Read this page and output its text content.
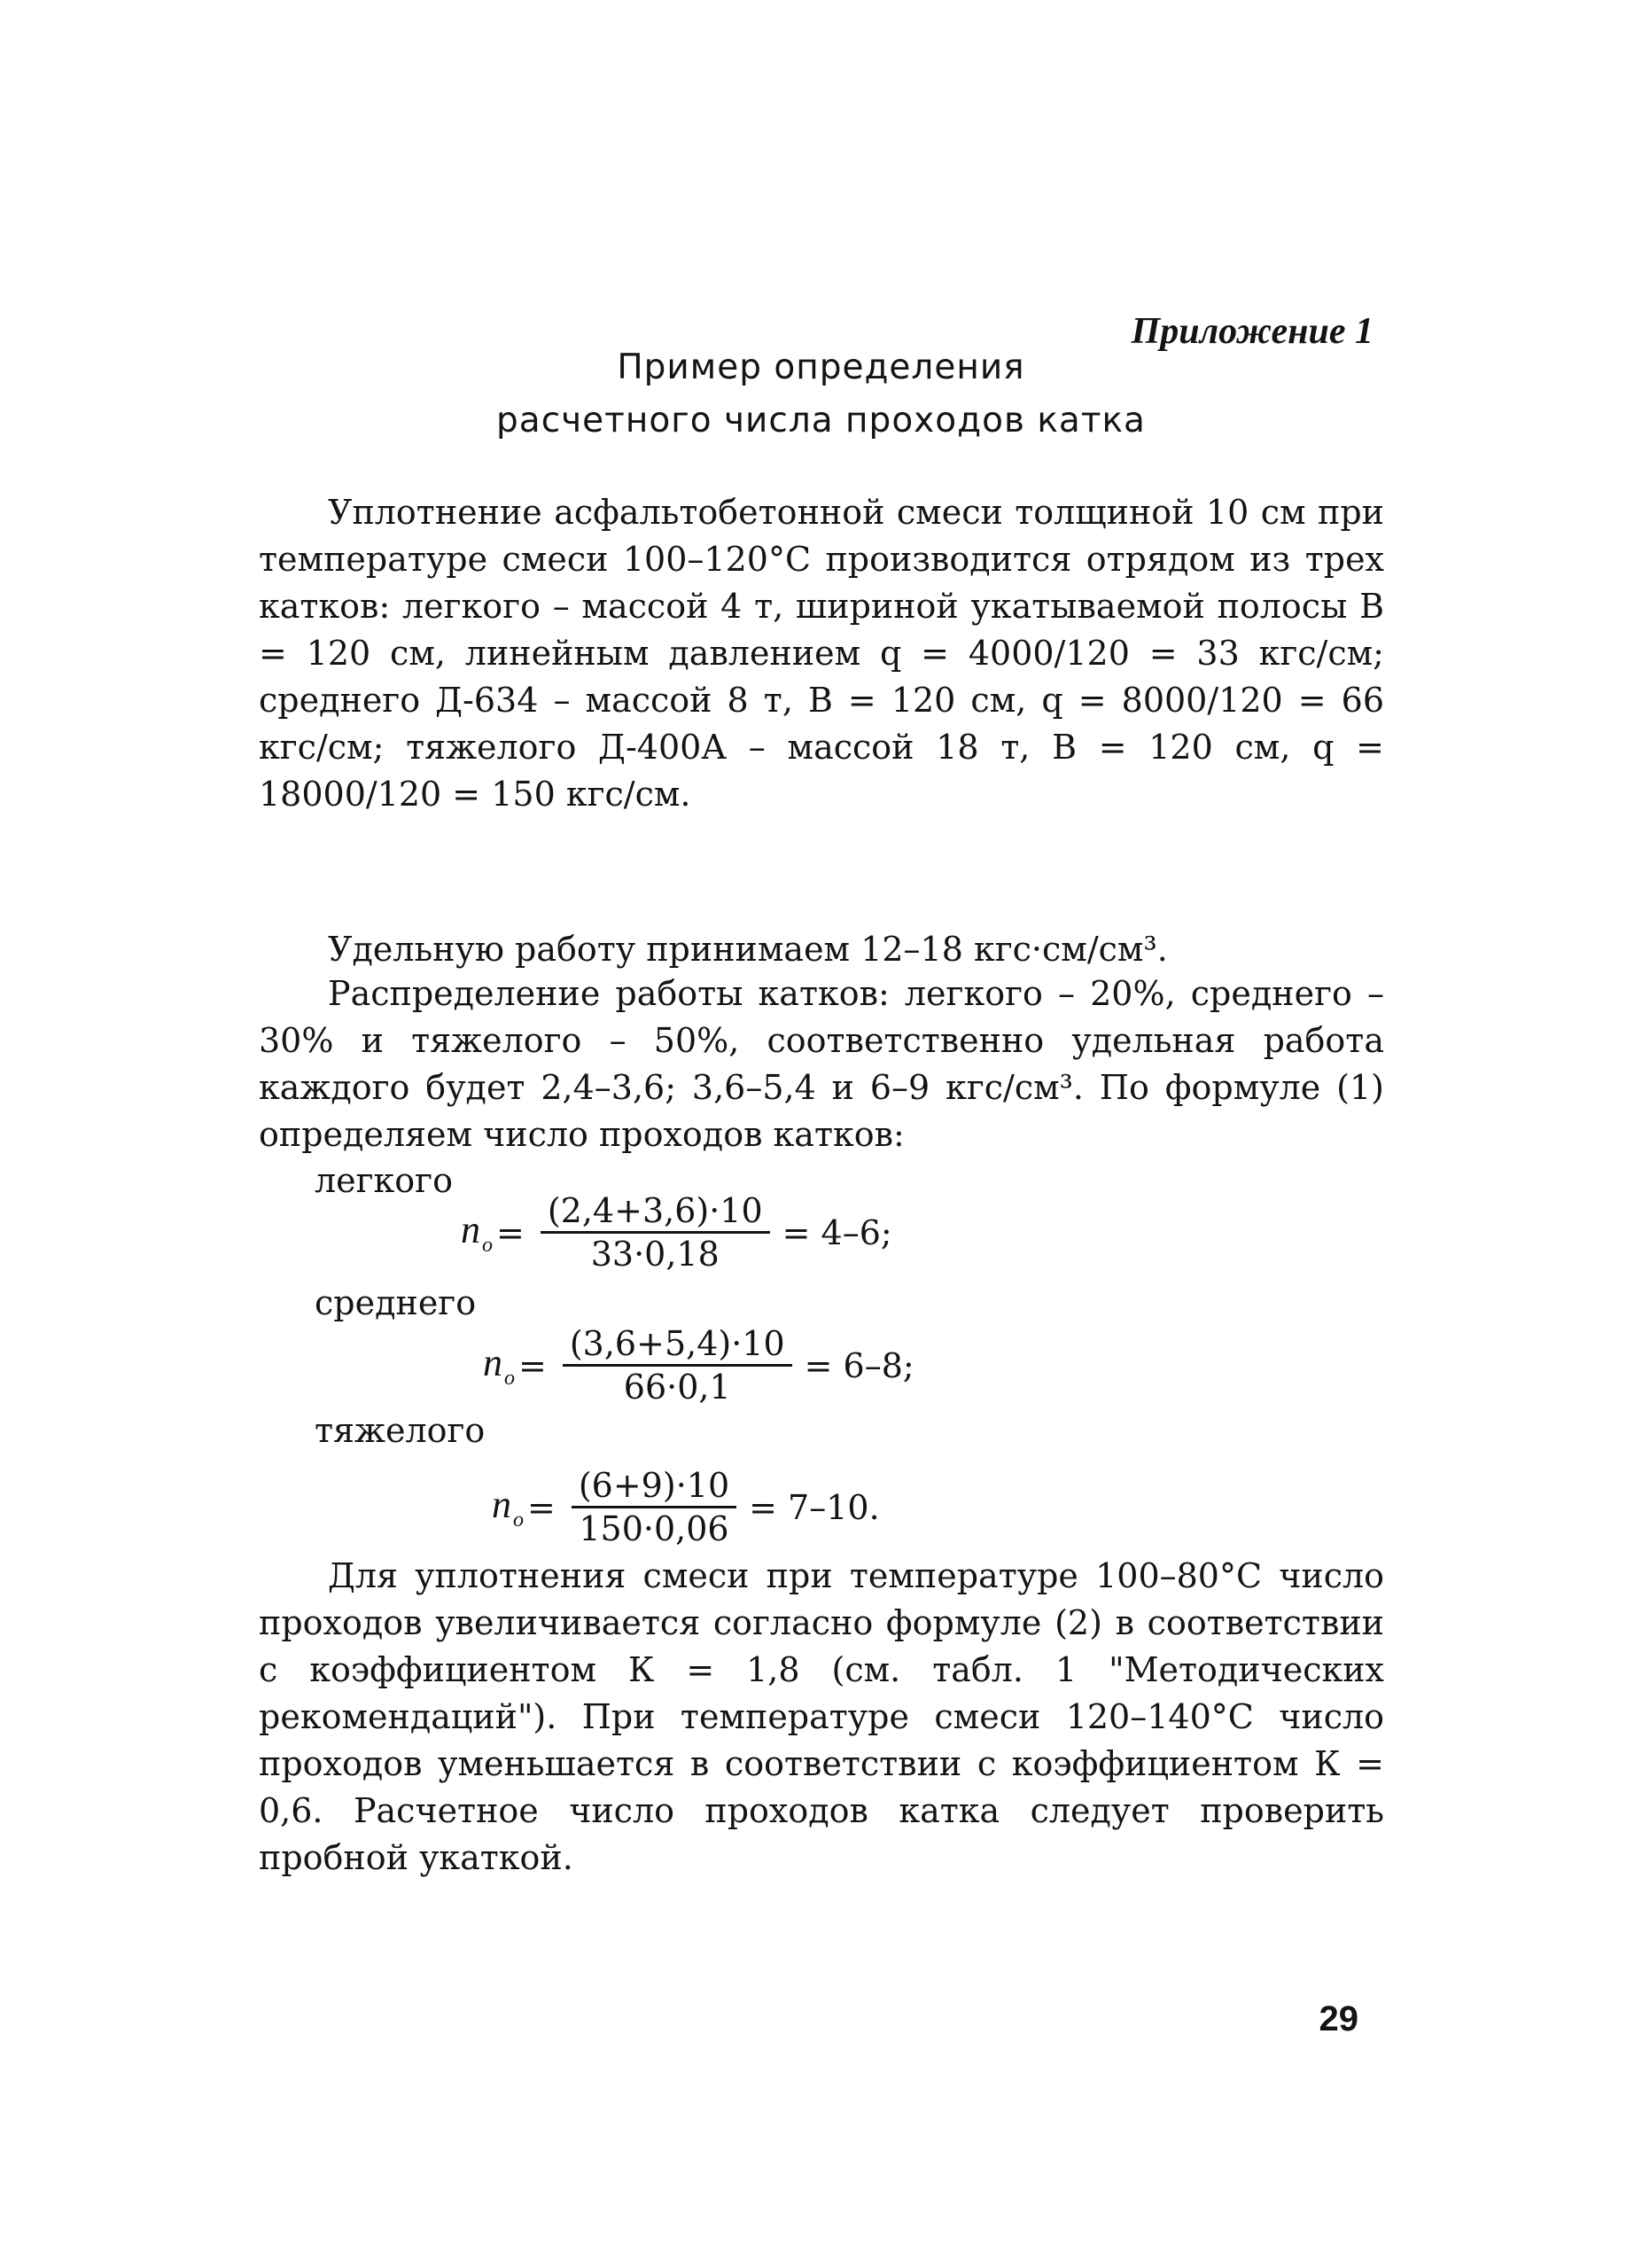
Приложение 1
Пример определения
расчетного числа проходов катка
Уплотнение асфальтобетонной смеси толщиной 10 см при температуре смеси 100–120°С производится отрядом из трех катков: легкого – массой 4 т, шириной укатываемой полосы В = 120 см, линейным давлением q = 4000/120 = 33 кгс/см; среднего Д-634 – массой 8 т, В = 120 см, q = 8000/120 = 66 кгс/см; тяжелого Д-400А – массой 18 т, В = 120 см, q = 18000/120 = 150 кгс/см.
Удельную работу принимаем 12–18 кгс·см/см³.
Распределение работы катков: легкого – 20%, среднего – 30% и тяжелого – 50%, соответственно удельная работа каждого будет 2,4–3,6; 3,6–5,4 и 6–9 кгс/см³. По формуле (1) определяем число проходов катков:
легкого
$n_о = \frac{(2,4+3,6)\cdot 10}{33\cdot 0,18} = 4-6$;
среднего
$n_о = \frac{(3,6+5,4)\cdot 10}{66\cdot 0,1} = 6-8$;
тяжелого
$n_о = \frac{(6+9)\cdot 10}{150\cdot 0,06} = 7-10$.
Для уплотнения смеси при температуре 100–80°С число проходов увеличивается согласно формуле (2) в соответствии с коэффициентом К = 1,8 (см. табл. 1 "Методических рекомендаций"). При температуре смеси 120–140°С число проходов уменьшается в соответствии с коэффициентом К = 0,6. Расчетное число проходов катка следует проверить пробной укаткой.
29
